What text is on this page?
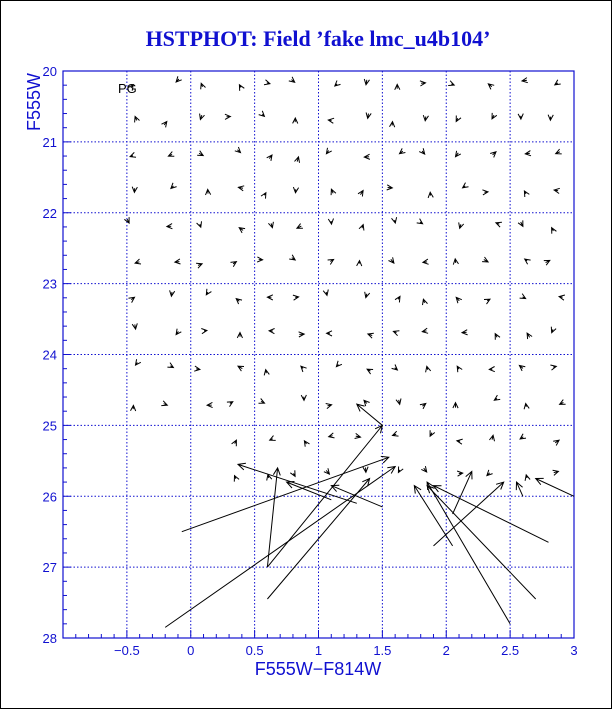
HSTPHOT: Field ’fake lmc_u4b104’
−0.5	0	0.5	1	1.5	2	2.5	3
20
21
22
23
24
25
26
27
28
PG
F555W−F814W
F555W
